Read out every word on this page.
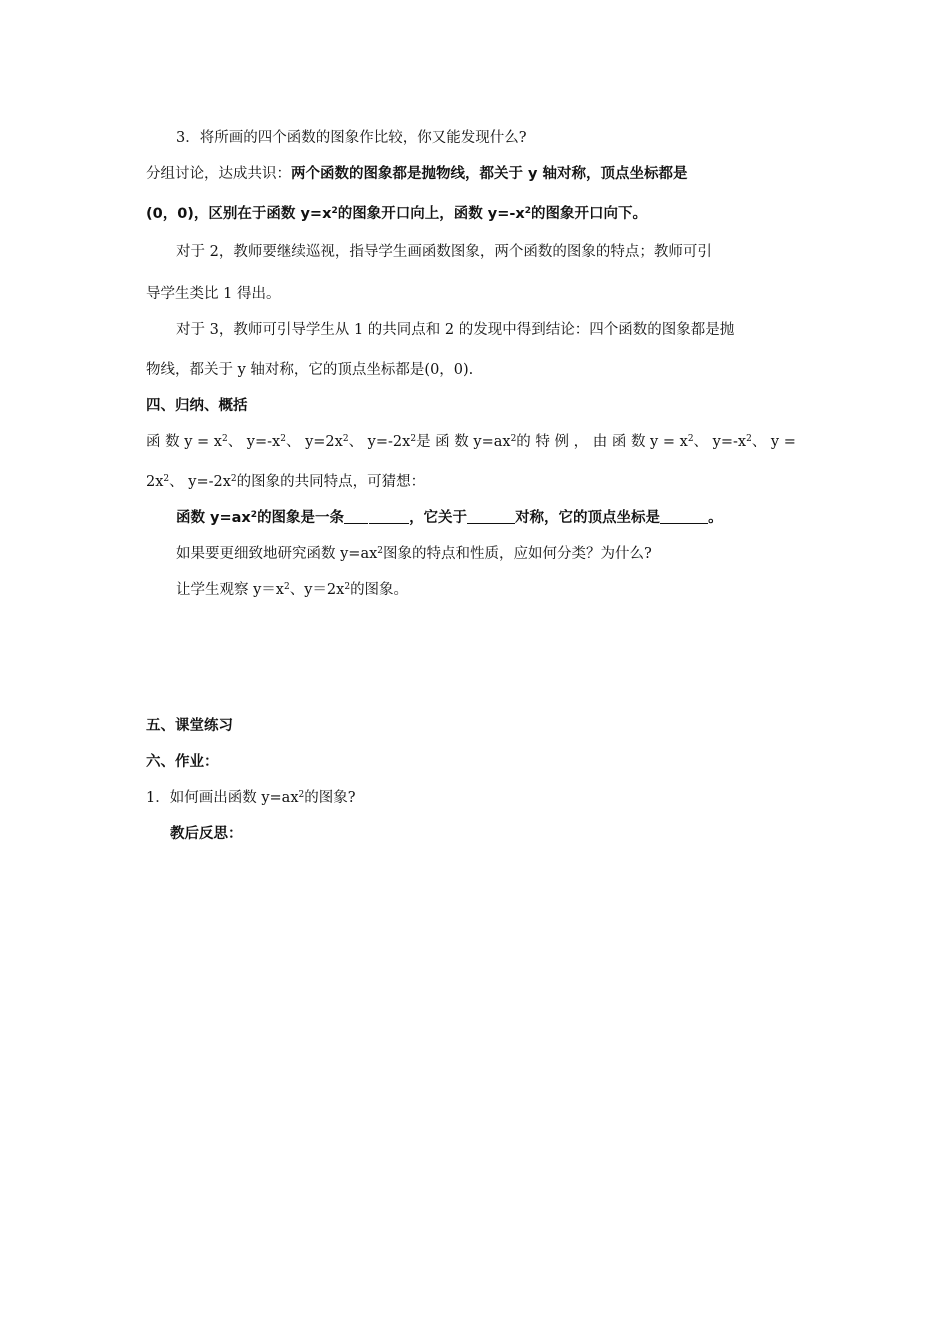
3．将所画的四个函数的图象作比较，你又能发现什么?
分组讨论，达成共识：两个函数的图象都是抛物线，都关于 y 轴对称，顶点坐标都是
(0，0)，区别在于函数 $y=x^2$的图象开口向上，函数 $y=-x^2$的图象开口向下。
对于 2，教师要继续巡视，指导学生画函数图象，两个函数的图象的特点；教师可引
导学生类比 1 得出。
对于 3，教师可引导学生从 1 的共同点和 2 的发现中得到结论：四个函数的图象都是抛
物线，都关于 y 轴对称，它的顶点坐标都是(0，0).
四、归纳、概括
函 数 $y = x^2$、 $y=-x^2$、 $y=2x^2$、 $y=-2x^2$是 函 数 $y=ax^2$的 特 例 ， 由 函 数 $y = x^2$、 $y=-x^2$、 y =
$2x^2$、 $y=-2x^2$的图象的共同特点，可猜想：
函数 $y=ax^2$的图象是一条	，它关于	对称，它的顶点坐标是	。
如果要更细致地研究函数 $y=ax^2$图象的特点和性质，应如何分类？为什么?
让学生观察 $y=x^2$、$y=2x^2$的图象。
五、课堂练习
六、作业：
1．如何画出函数 $y=ax^2$的图象?
教后反思：
